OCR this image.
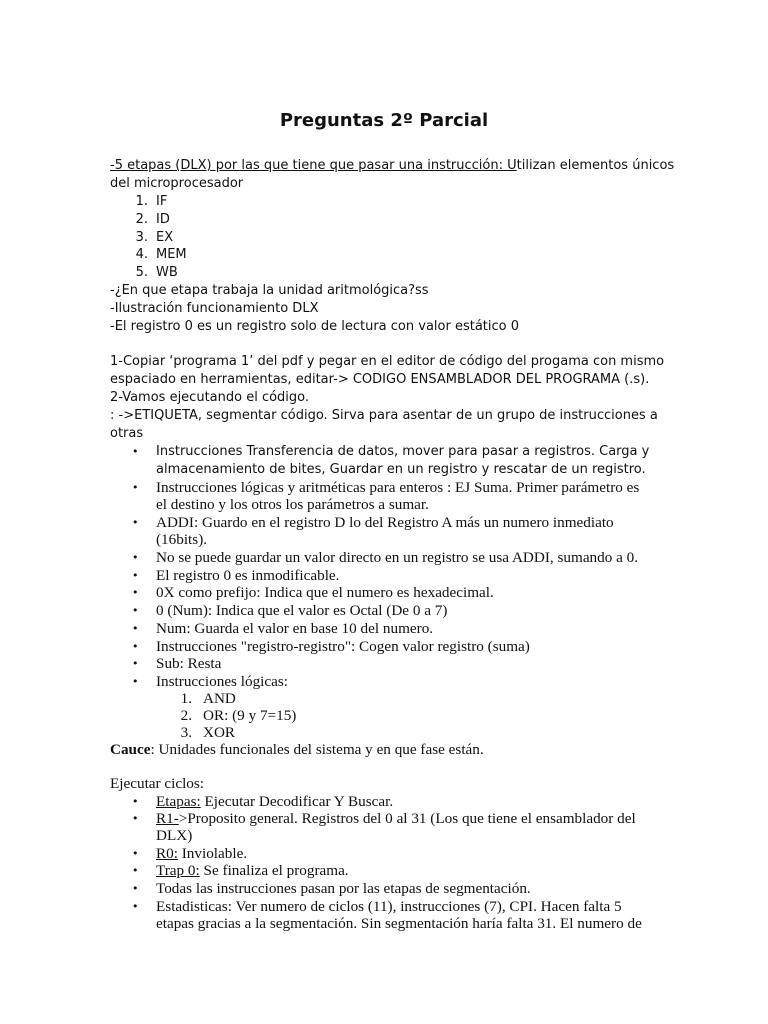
Preguntas 2º Parcial
-5 etapas (DLX) por las que tiene que pasar una instrucción: Utilizan elementos únicos
del microprocesador
1. IF
2. ID
3. EX
4. MEM
5. WB
-¿En que etapa trabaja la unidad aritmológica?ss
-Ilustración funcionamiento DLX
-El registro 0 es un registro solo de lectura con valor estático 0
1-Copiar ‘programa 1’ del pdf y pegar en el editor de código del progama con mismo
espaciado en herramientas, editar-> CODIGO ENSAMBLADOR DEL PROGRAMA (.s).
2-Vamos ejecutando el código.
: ->ETIQUETA, segmentar código. Sirva para asentar de un grupo de instrucciones a
otras
•	Instrucciones Transferencia de datos, mover para pasar a registros. Carga y
almacenamiento de bites, Guardar en un registro y rescatar de un registro.
•	Instrucciones lógicas y aritméticas para enteros : EJ Suma. Primer parámetro es
el destino y los otros los parámetros a sumar.
•	ADDI: Guardo en el registro D lo del Registro A más un numero inmediato
(16bits).
•	No se puede guardar un valor directo en un registro se usa ADDI, sumando a 0.
•	El registro 0 es inmodificable.
•	0X como prefijo: Indica que el numero es hexadecimal.
•	0 (Num): Indica que el valor es Octal (De 0 a 7)
•	Num: Guarda el valor en base 10 del numero.
•	Instrucciones "registro-registro": Cogen valor registro (suma)
•	Sub: Resta
•	Instrucciones lógicas:
1. AND
2. OR: (9 y 7=15)
3. XOR
Cauce: Unidades funcionales del sistema y en que fase están.
Ejecutar ciclos:
•	Etapas: Ejecutar Decodificar Y Buscar.
•	R1->Proposito general. Registros del 0 al 31 (Los que tiene el ensamblador del
DLX)
•	R0: Inviolable.
•	Trap 0: Se finaliza el programa.
•	Todas las instrucciones pasan por las etapas de segmentación.
•	Estadisticas: Ver numero de ciclos (11), instrucciones (7), CPI. Hacen falta 5
etapas gracias a la segmentación. Sin segmentación haría falta 31. El numero de
